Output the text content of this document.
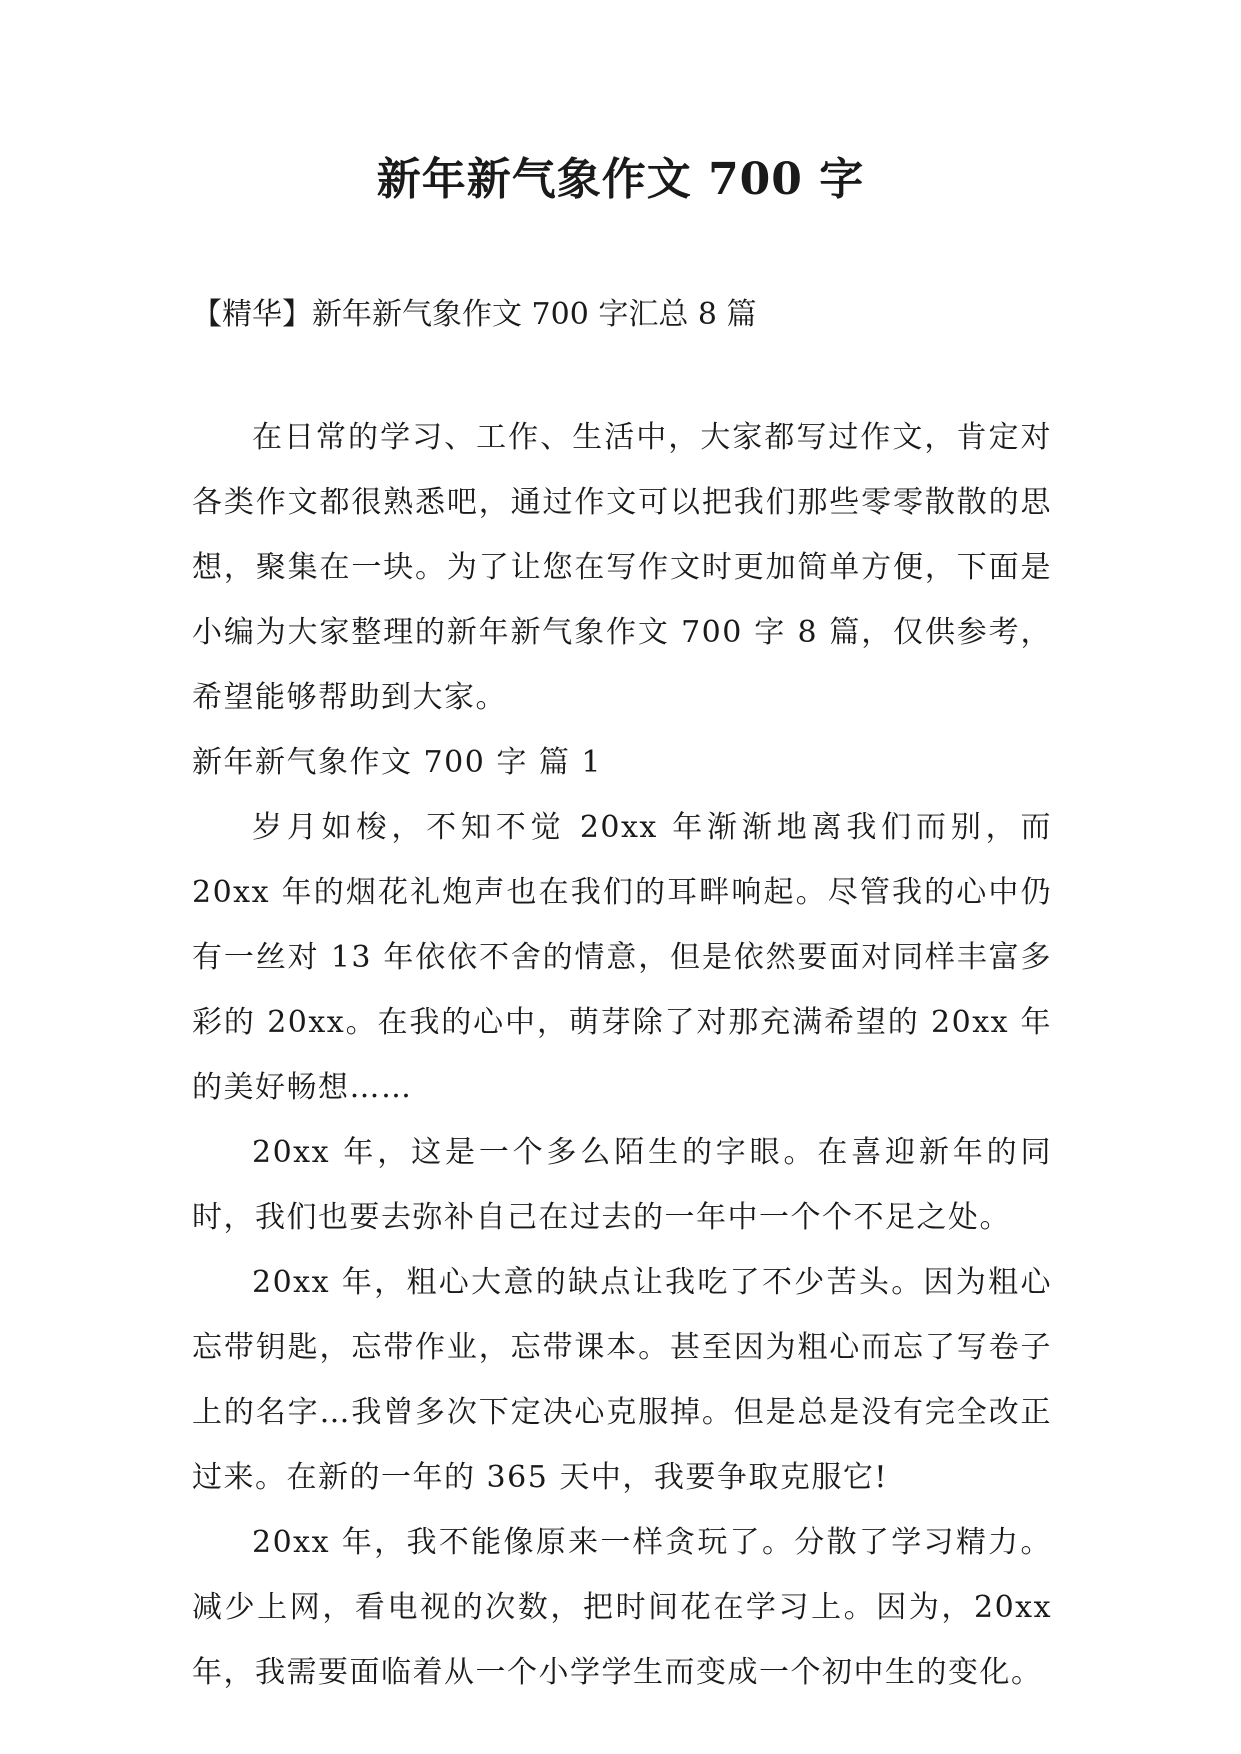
新年新气象作文 700 字

【精华】新年新气象作文 700 字汇总 8 篇

在日常的学习、工作、生活中，大家都写过作文，肯定对各类作文都很熟悉吧，通过作文可以把我们那些零零散散的思想，聚集在一块。为了让您在写作文时更加简单方便，下面是小编为大家整理的新年新气象作文 700 字 8 篇，仅供参考，希望能够帮助到大家。

新年新气象作文 700 字 篇 1

岁月如梭，不知不觉 20xx 年渐渐地离我们而别，而 20xx 年的烟花礼炮声也在我们的耳畔响起。尽管我的心中仍有一丝对 13 年依依不舍的情意，但是依然要面对同样丰富多彩的 20xx。在我的心中，萌芽除了对那充满希望的 20xx 年的美好畅想……

20xx 年，这是一个多么陌生的字眼。在喜迎新年的同时，我们也要去弥补自己在过去的一年中一个个不足之处。

20xx 年，粗心大意的缺点让我吃了不少苦头。因为粗心忘带钥匙，忘带作业，忘带课本。甚至因为粗心而忘了写卷子上的名字…我曾多次下定决心克服掉。但是总是没有完全改正过来。在新的一年的 365 天中，我要争取克服它!

20xx 年，我不能像原来一样贪玩了。分散了学习精力。减少上网，看电视的次数，把时间花在学习上。因为，20xx 年，我需要面临着从一个小学学生而变成一个初中生的变化。
